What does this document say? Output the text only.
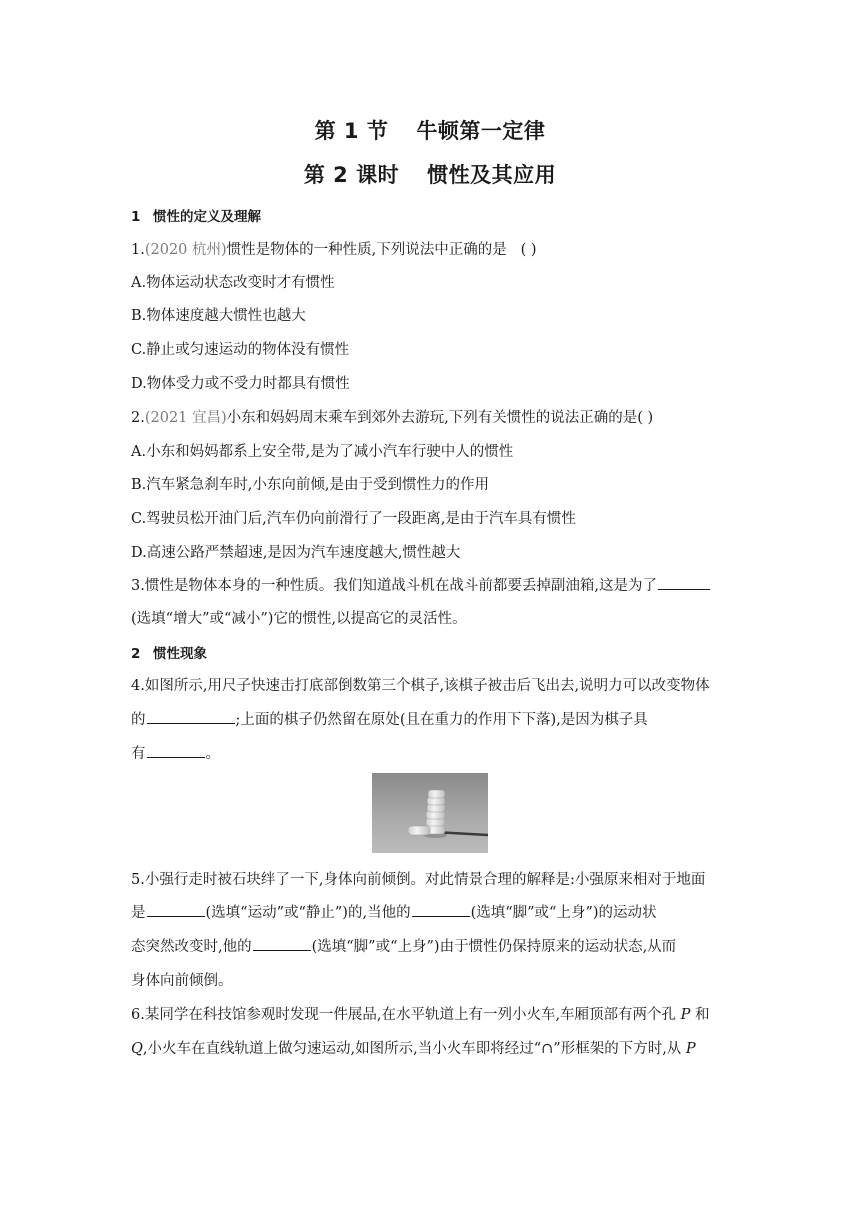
第 1 节 牛顿第一定律
第 2 课时 惯性及其应用
1 惯性的定义及理解
1.(2020 杭州)惯性是物体的一种性质,下列说法中正确的是 ( )
A.物体运动状态改变时才有惯性
B.物体速度越大惯性也越大
C.静止或匀速运动的物体没有惯性
D.物体受力或不受力时都具有惯性
2.(2021 宜昌)小东和妈妈周末乘车到郊外去游玩,下列有关惯性的说法正确的是( )
A.小东和妈妈都系上安全带,是为了减小汽车行驶中人的惯性
B.汽车紧急刹车时,小东向前倾,是由于受到惯性力的作用
C.驾驶员松开油门后,汽车仍向前滑行了一段距离,是由于汽车具有惯性
D.高速公路严禁超速,是因为汽车速度越大,惯性越大
3.惯性是物体本身的一种性质。我们知道战斗机在战斗前都要丢掉副油箱,这是为了
(选填“增大”或“减小”)它的惯性,以提高它的灵活性。
2 惯性现象
4.如图所示,用尺子快速击打底部倒数第三个棋子,该棋子被击后飞出去,说明力可以改变物体
的	;上面的棋子仍然留在原处(且在重力的作用下下落),是因为棋子具
有	。
5.小强行走时被石块绊了一下,身体向前倾倒。对此情景合理的解释是:小强原来相对于地面
是	(选填“运动”或“静止”)的,当他的	(选填“脚”或“上身”)的运动状
态突然改变时,他的	(选填“脚”或“上身”)由于惯性仍保持原来的运动状态,从而
身体向前倾倒。
6.某同学在科技馆参观时发现一件展品,在水平轨道上有一列小火车,车厢顶部有两个孔 P 和
Q,小火车在直线轨道上做匀速运动,如图所示,当小火车即将经过“∩”形框架的下方时,从 P
